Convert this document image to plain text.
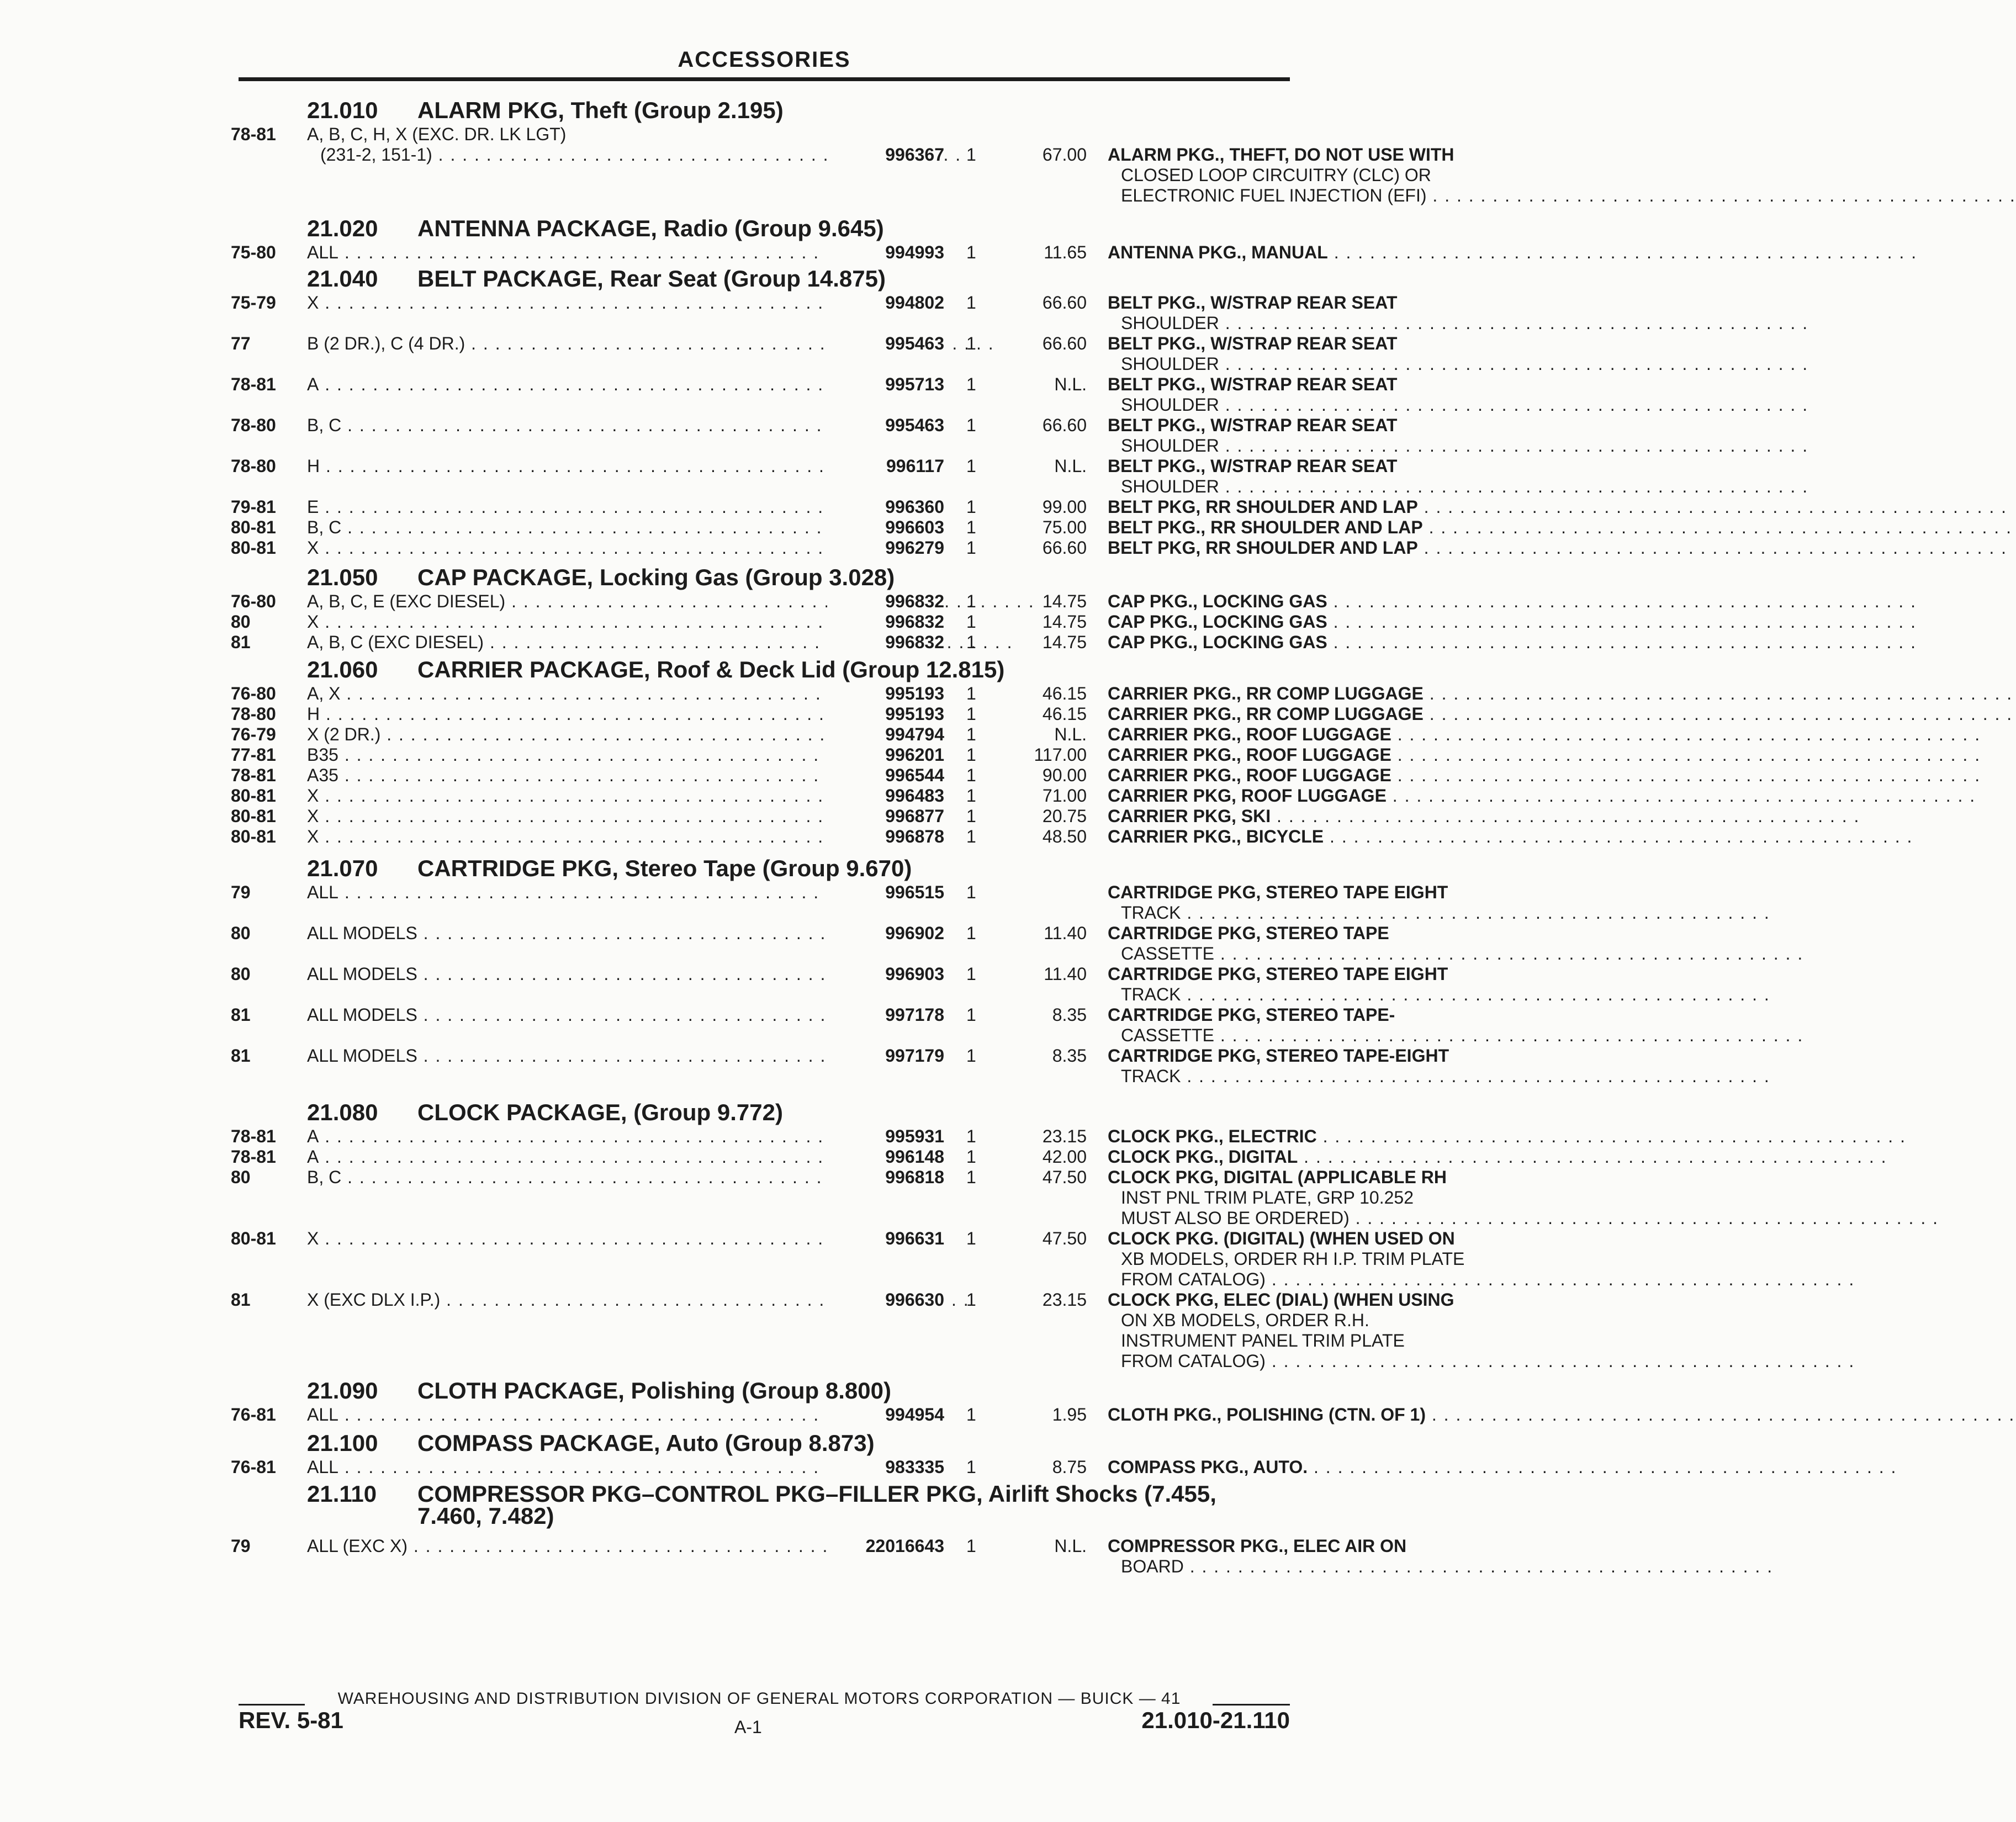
ACCESSORIES
21.010 ALARM PKG, Theft (Group 2.195)
78-81 A, B, C, H, X (EXC. DR. LK LGT)
(231-2, 151-1) . . .	996367 1	67.00 ALARM PKG., THEFT, DO NOT USE WITH
CLOSED LOOP CIRCUITRY (CLC) OR
ELECTRONIC FUEL INJECTION (EFI) . . .
21.020 ANTENNA PACKAGE, Radio (Group 9.645)
75-80 ALL . . .	994993 1	11.65 ANTENNA PKG., MANUAL . . .
21.040 BELT PACKAGE, Rear Seat (Group 14.875)
75-79 X . . .	994802 1	66.60 BELT PKG., W/STRAP REAR SEAT
SHOULDER . . .
77	B (2 DR.), C (4 DR.) . . .	995463 1	66.60 BELT PKG., W/STRAP REAR SEAT
SHOULDER . . .
78-81 A . . .	995713 1	N.L. BELT PKG., W/STRAP REAR SEAT
SHOULDER . . .
78-80 B, C . . .	995463 1	66.60 BELT PKG., W/STRAP REAR SEAT
SHOULDER . . .
78-80 H . . .	996117 1	N.L. BELT PKG., W/STRAP REAR SEAT
SHOULDER . . .
79-81 E . . .	996360 1	99.00 BELT PKG, RR SHOULDER AND LAP . . .
80-81 B, C . . .	996603 1	75.00 BELT PKG., RR SHOULDER AND LAP . . .
80-81 X . . .	996279 1	66.60 BELT PKG, RR SHOULDER AND LAP . . .
21.050 CAP PACKAGE, Locking Gas (Group 3.028)
76-80 A, B, C, E (EXC DIESEL) . . .	996832 1	14.75 CAP PKG., LOCKING GAS . . .
80	X . . .	996832 1	14.75 CAP PKG., LOCKING GAS . . .
81	A, B, C (EXC DIESEL) . . .	996832 1	14.75 CAP PKG., LOCKING GAS . . .
21.060 CARRIER PACKAGE, Roof & Deck Lid (Group 12.815)
76-80 A, X . . .	995193 1	46.15 CARRIER PKG., RR COMP LUGGAGE . . .
78-80 H . . .	995193 1	46.15 CARRIER PKG., RR COMP LUGGAGE . . .
76-79 X (2 DR.) . . .	994794 1	N.L. CARRIER PKG., ROOF LUGGAGE . . .
77-81 B35 . . .	996201 1	117.00 CARRIER PKG., ROOF LUGGAGE . . .
78-81 A35 . . .	996544 1	90.00 CARRIER PKG., ROOF LUGGAGE . . .
80-81 X . . .	996483 1	71.00 CARRIER PKG, ROOF LUGGAGE . . .
80-81 X . . .	996877 1	20.75 CARRIER PKG, SKI . . .
80-81 X . . .	996878 1	48.50 CARRIER PKG., BICYCLE . . .
21.070 CARTRIDGE PKG, Stereo Tape (Group 9.670)
79	ALL . . .	996515 1	CARTRIDGE PKG, STEREO TAPE EIGHT
TRACK . . .
80	ALL MODELS . . .	996902 1	11.40 CARTRIDGE PKG, STEREO TAPE
CASSETTE . . .
80	ALL MODELS . . .	996903 1	11.40 CARTRIDGE PKG, STEREO TAPE EIGHT
TRACK . . .
81	ALL MODELS . . .	997178 1	8.35 CARTRIDGE PKG, STEREO TAPE-
CASSETTE . . .
81	ALL MODELS . . .	997179 1	8.35 CARTRIDGE PKG, STEREO TAPE-EIGHT
TRACK . . .
21.080 CLOCK PACKAGE, (Group 9.772)
78-81 A . . .	995931 1	23.15 CLOCK PKG., ELECTRIC . . .
78-81 A . . .	996148 1	42.00 CLOCK PKG., DIGITAL . . .
80	B, C . . .	996818 1	47.50 CLOCK PKG, DIGITAL (APPLICABLE RH
INST PNL TRIM PLATE, GRP 10.252
MUST ALSO BE ORDERED) . . .
80-81 X . . .	996631 1	47.50 CLOCK PKG. (DIGITAL) (WHEN USED ON
XB MODELS, ORDER RH I.P. TRIM PLATE
FROM CATALOG) . . .
81	X (EXC DLX I.P.) . . .	996630 1	23.15 CLOCK PKG, ELEC (DIAL) (WHEN USING
ON XB MODELS, ORDER R.H.
INSTRUMENT PANEL TRIM PLATE
FROM CATALOG) . . .
21.090 CLOTH PACKAGE, Polishing (Group 8.800)
76-81 ALL . . .	994954 1	1.95 CLOTH PKG., POLISHING (CTN. OF 1) . . .
21.100 COMPASS PACKAGE, Auto (Group 8.873)
76-81 ALL . . .	983335 1	8.75 COMPASS PKG., AUTO. . . .
21.110 COMPRESSOR PKG–CONTROL PKG–FILLER PKG, Airlift Shocks (7.455, 7.460, 7.482)
79	ALL (EXC X) . . .	22016643 1	N.L. COMPRESSOR PKG., ELEC AIR ON
BOARD . . .
WAREHOUSING AND DISTRIBUTION DIVISION OF GENERAL MOTORS CORPORATION — BUICK — 41
REV. 5-81	A-1	21.010-21.110
